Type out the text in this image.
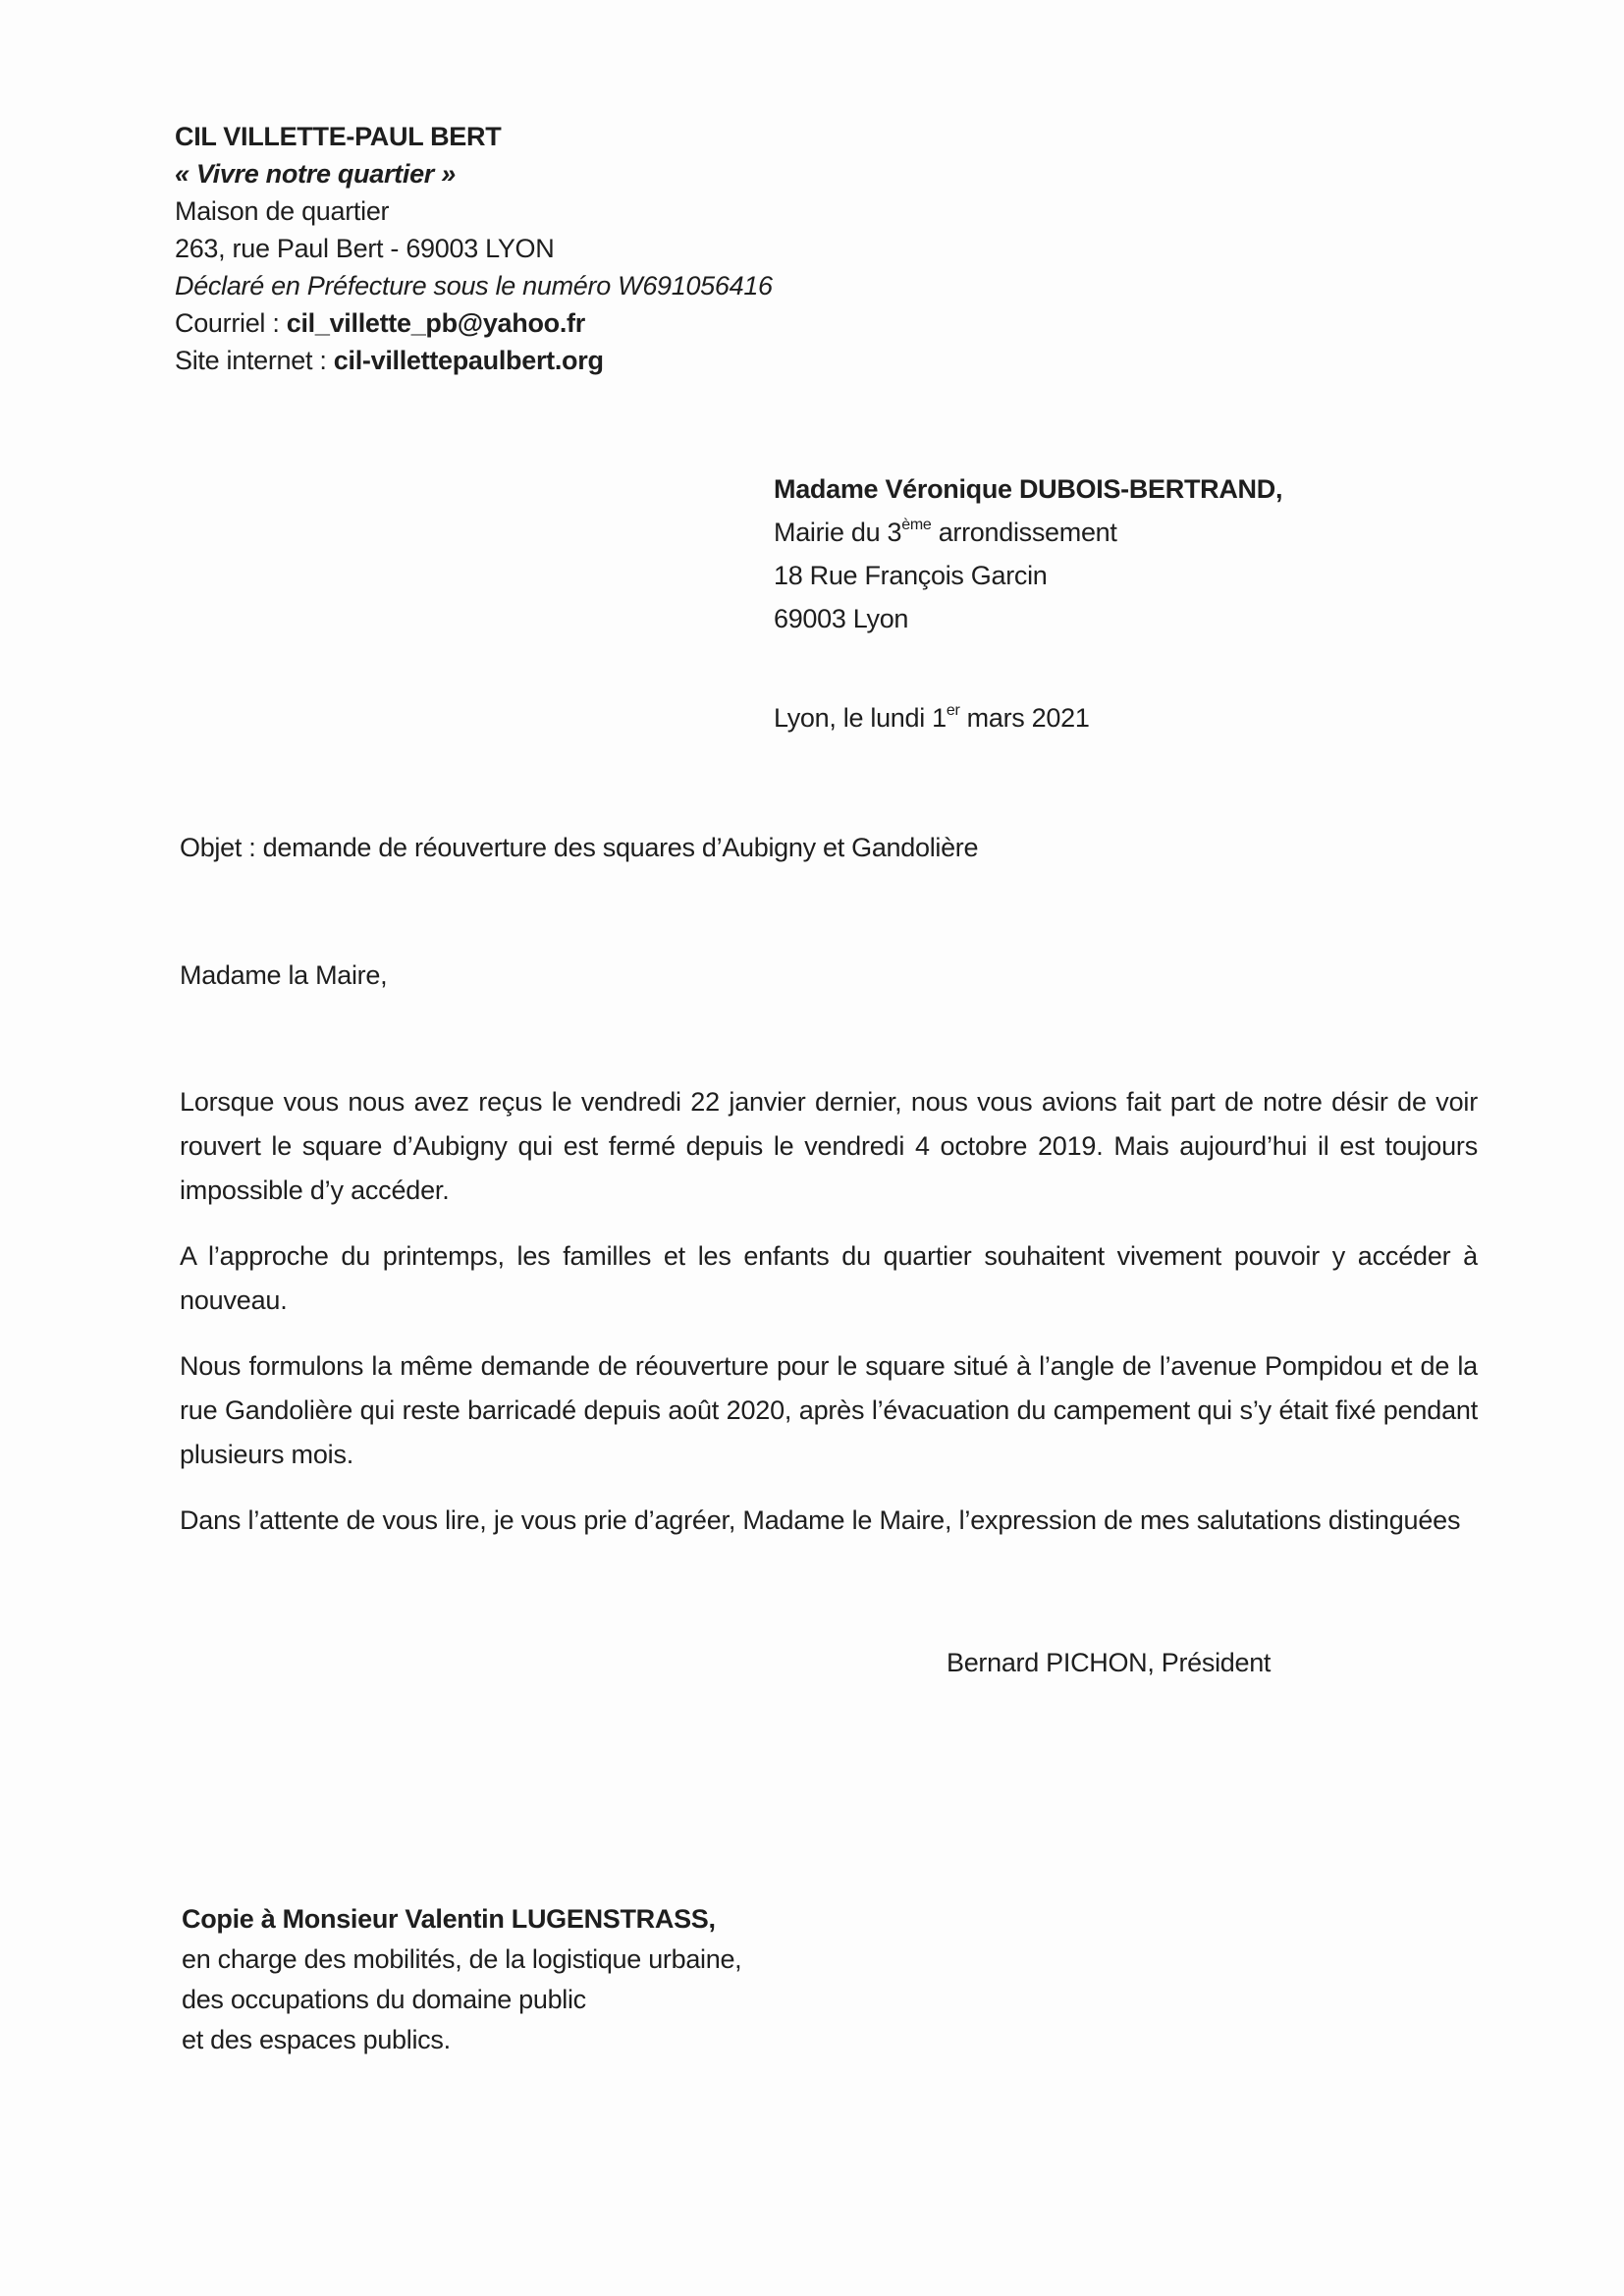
CIL VILLETTE-PAUL BERT
« Vivre notre quartier »
Maison de quartier
263, rue Paul Bert - 69003 LYON
Déclaré en Préfecture sous le numéro W691056416
Courriel : cil_villette_pb@yahoo.fr
Site internet : cil-villettepaulbert.org
Madame Véronique DUBOIS-BERTRAND,
Mairie du 3ème arrondissement
18 Rue François Garcin
69003 Lyon
Lyon, le lundi 1er mars 2021
Objet : demande de réouverture des squares d’Aubigny et Gandolière
Madame la Maire,

Lorsque vous nous avez reçus le vendredi 22 janvier dernier, nous vous avions fait part de notre désir de voir rouvert le square d’Aubigny qui est fermé depuis le vendredi 4 octobre 2019. Mais aujourd’hui il est toujours impossible d’y accéder.

A l’approche du printemps, les familles et les enfants du quartier souhaitent vivement pouvoir y accéder à nouveau.

Nous formulons la même demande de réouverture pour le square situé à l’angle de l’avenue Pompidou et de la rue Gandolière qui reste barricadé depuis août 2020, après l’évacuation du campement qui s’y était fixé pendant plusieurs mois.

Dans l’attente de vous lire, je vous prie d’agréer, Madame le Maire, l’expression de mes salutations distinguées

Bernard PICHON, Président
Copie à Monsieur Valentin LUGENSTRASS,
en charge des mobilités, de la logistique urbaine,
des occupations du domaine public
et des espaces publics.
